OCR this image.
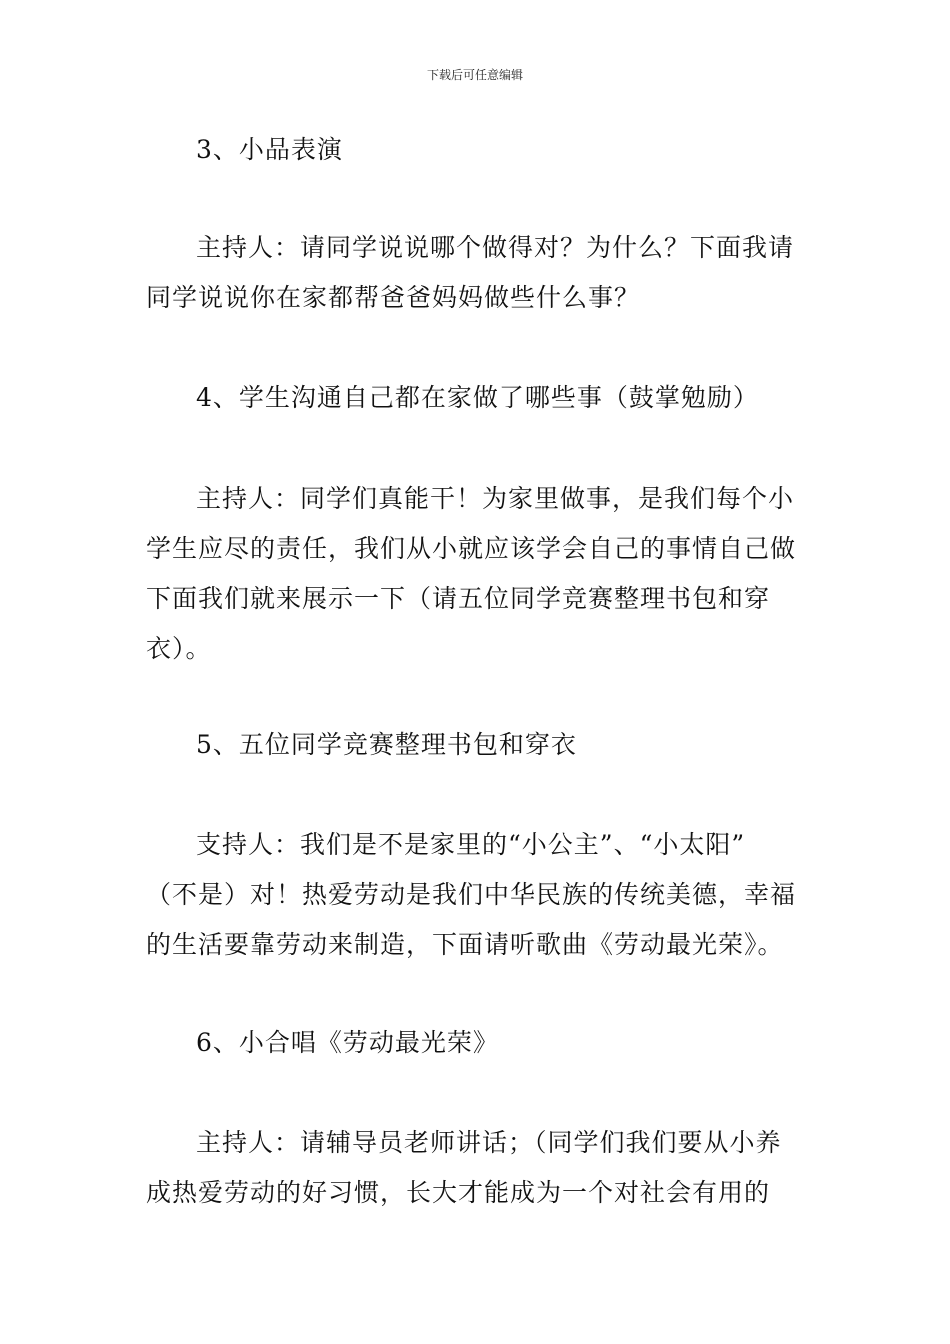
下载后可任意编辑
3、小品表演
主持人：请同学说说哪个做得对？为什么？下面我请
同学说说你在家都帮爸爸妈妈做些什么事？
4、学生沟通自己都在家做了哪些事（鼓掌勉励）
主持人：同学们真能干！为家里做事，是我们每个小
学生应尽的责任，我们从小就应该学会自己的事情自己做
下面我们就来展示一下（请五位同学竞赛整理书包和穿
衣）。
5、五位同学竞赛整理书包和穿衣
支持人：我们是不是家里的“小公主”、“小太阳”
（不是）对！热爱劳动是我们中华民族的传统美德，幸福
的生活要靠劳动来制造，下面请听歌曲《劳动最光荣》。
6、小合唱《劳动最光荣》
主持人：请辅导员老师讲话；（同学们我们要从小养
成热爱劳动的好习惯，长大才能成为一个对社会有用的
